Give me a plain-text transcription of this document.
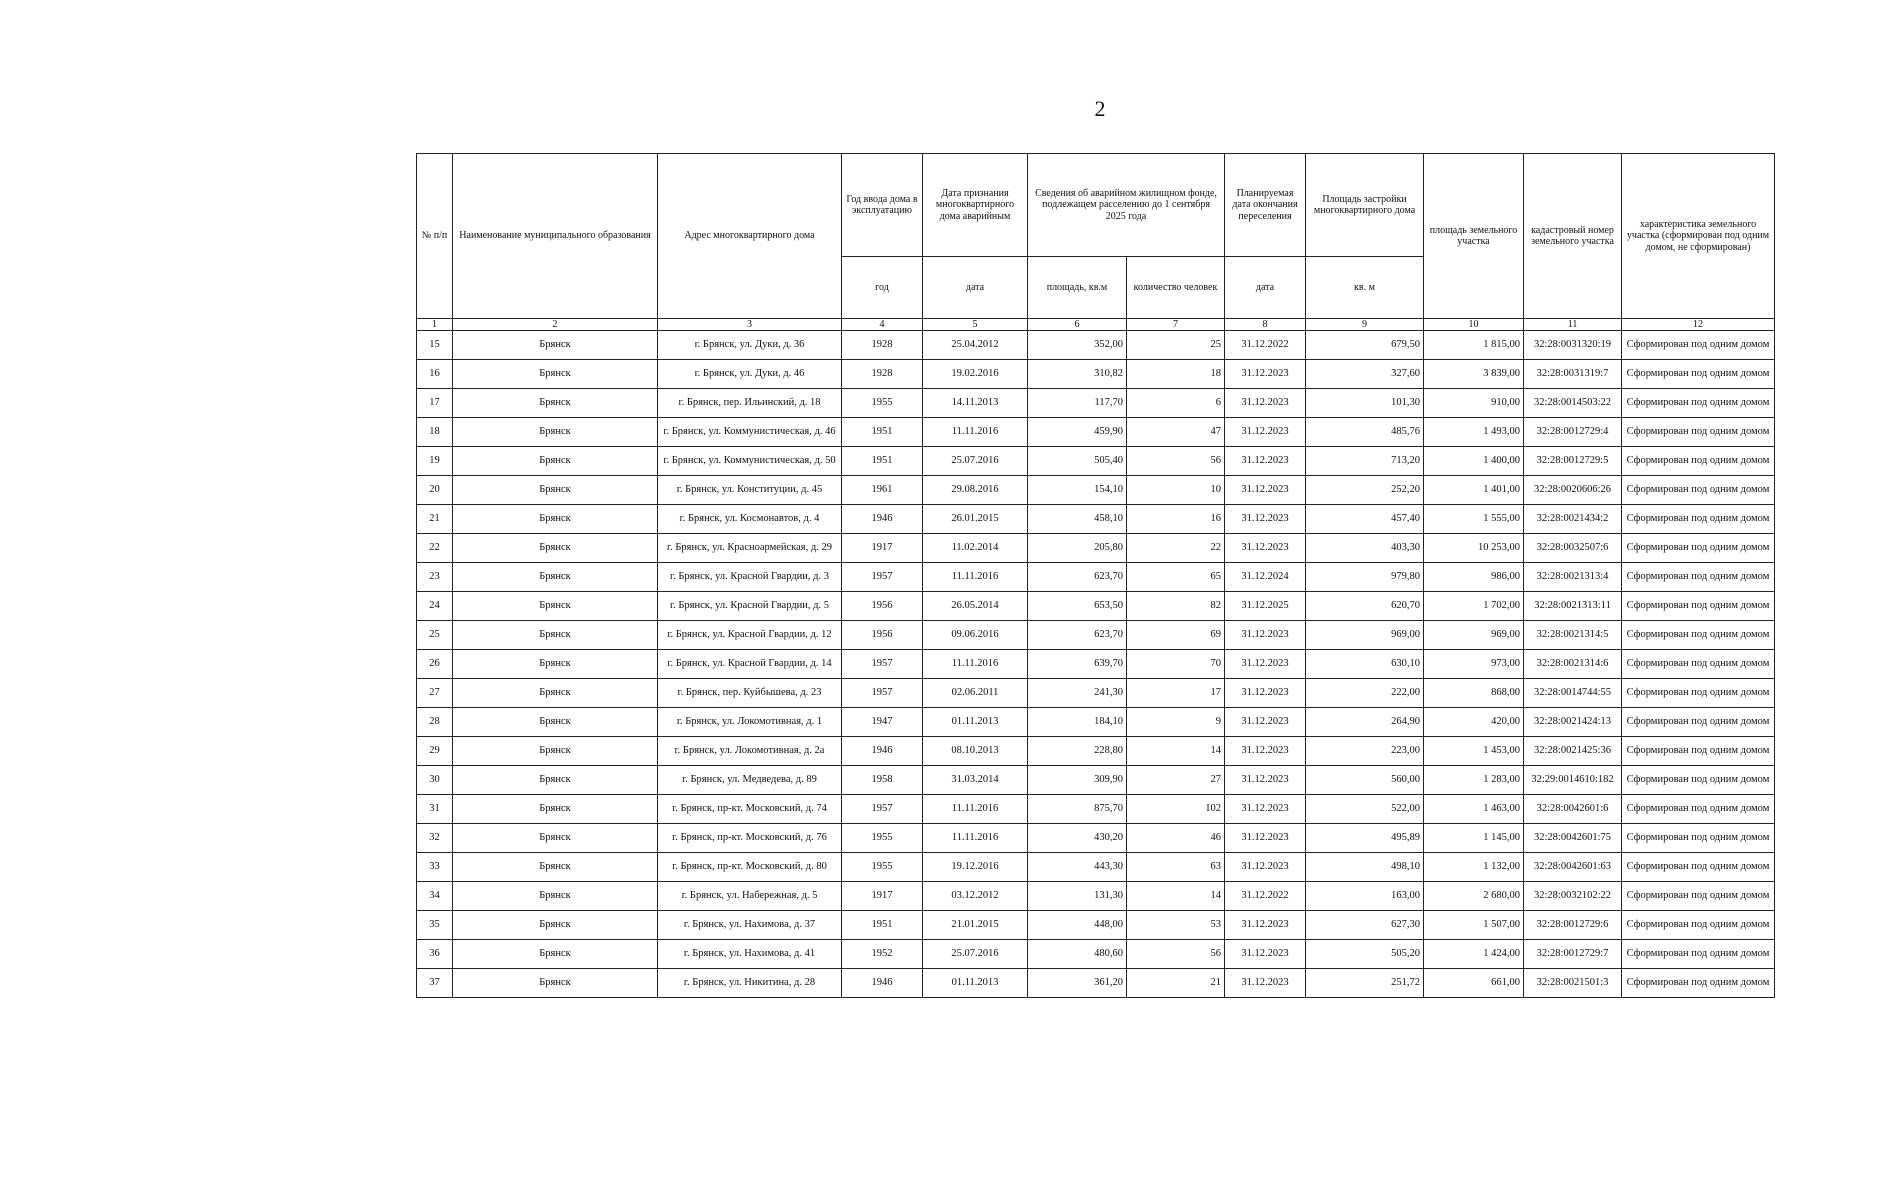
2
№ п/п	Наименование муниципального образования	Адрес многоквартирного дома	Год ввода дома в эксплуатацию	Дата признания многоквартирного дома аварийным	Сведения об аварийном жилищном фонде, подлежащем расселению до 1 сентября 2025 года		Планируемая дата окончания переселения	Площадь застройки многоквартирного дома	площадь земельного участка	кадастровый номер земельного участка	характеристика земельного участка (сформирован под одним домом, не сформирован)
			год	дата	площадь, кв.м	количество человек	дата	кв. м			
1	2	3	4	5	6	7	8	9	10	11	12
15	Брянск	г. Брянск, ул. Дуки, д. 36	1928	25.04.2012	352,00	25	31.12.2022	679,50	1 815,00	32:28:0031320:19	Сформирован под одним домом
16	Брянск	г. Брянск, ул. Дуки, д. 46	1928	19.02.2016	310,82	18	31.12.2023	327,60	3 839,00	32:28:0031319:7	Сформирован под одним домом
17	Брянск	г. Брянск, пер. Ильинский, д. 18	1955	14.11.2013	117,70	6	31.12.2023	101,30	910,00	32:28:0014503:22	Сформирован под одним домом
18	Брянск	г. Брянск, ул. Коммунистическая, д. 46	1951	11.11.2016	459,90	47	31.12.2023	485,76	1 493,00	32:28:0012729:4	Сформирован под одним домом
19	Брянск	г. Брянск, ул. Коммунистическая, д. 50	1951	25.07.2016	505,40	56	31.12.2023	713,20	1 400,00	32:28:0012729:5	Сформирован под одним домом
20	Брянск	г. Брянск, ул. Конституции, д. 45	1961	29.08.2016	154,10	10	31.12.2023	252,20	1 401,00	32:28:0020606:26	Сформирован под одним домом
21	Брянск	г. Брянск, ул. Космонавтов, д. 4	1946	26.01.2015	458,10	16	31.12.2023	457,40	1 555,00	32:28:0021434:2	Сформирован под одним домом
22	Брянск	г. Брянск, ул. Красноармейская, д. 29	1917	11.02.2014	205,80	22	31.12.2023	403,30	10 253,00	32:28:0032507:6	Сформирован под одним домом
23	Брянск	г. Брянск, ул. Красной Гвардии, д. 3	1957	11.11.2016	623,70	65	31.12.2024	979,80	986,00	32:28:0021313:4	Сформирован под одним домом
24	Брянск	г. Брянск, ул. Красной Гвардии, д. 5	1956	26.05.2014	653,50	82	31.12.2025	620,70	1 702,00	32:28:0021313:11	Сформирован под одним домом
25	Брянск	г. Брянск, ул. Красной Гвардии, д. 12	1956	09.06.2016	623,70	69	31.12.2023	969,00	969,00	32:28:0021314:5	Сформирован под одним домом
26	Брянск	г. Брянск, ул. Красной Гвардии, д. 14	1957	11.11.2016	639,70	70	31.12.2023	630,10	973,00	32:28:0021314:6	Сформирован под одним домом
27	Брянск	г. Брянск, пер. Куйбышева, д. 23	1957	02.06.2011	241,30	17	31.12.2023	222,00	868,00	32:28:0014744:55	Сформирован под одним домом
28	Брянск	г. Брянск, ул. Локомотивная, д. 1	1947	01.11.2013	184,10	9	31.12.2023	264,90	420,00	32:28:0021424:13	Сформирован под одним домом
29	Брянск	г. Брянск, ул. Локомотивная, д. 2а	1946	08.10.2013	228,80	14	31.12.2023	223,00	1 453,00	32:28:0021425:36	Сформирован под одним домом
30	Брянск	г. Брянск, ул. Медведева, д. 89	1958	31.03.2014	309,90	27	31.12.2023	560,00	1 283,00	32:29:0014610:182	Сформирован под одним домом
31	Брянск	г. Брянск, пр-кт. Московский, д. 74	1957	11.11.2016	875,70	102	31.12.2023	522,00	1 463,00	32:28:0042601:6	Сформирован под одним домом
32	Брянск	г. Брянск, пр-кт. Московский, д. 76	1955	11.11.2016	430,20	46	31.12.2023	495,89	1 145,00	32:28:0042601:75	Сформирован под одним домом
33	Брянск	г. Брянск, пр-кт. Московский, д. 80	1955	19.12.2016	443,30	63	31.12.2023	498,10	1 132,00	32:28:0042601:63	Сформирован под одним домом
34	Брянск	г. Брянск, ул. Набережная, д. 5	1917	03.12.2012	131,30	14	31.12.2022	163,00	2 680,00	32:28:0032102:22	Сформирован под одним домом
35	Брянск	г. Брянск, ул. Нахимова, д. 37	1951	21.01.2015	448,00	53	31.12.2023	627,30	1 507,00	32:28:0012729:6	Сформирован под одним домом
36	Брянск	г. Брянск, ул. Нахимова, д. 41	1952	25.07.2016	480,60	56	31.12.2023	505,20	1 424,00	32:28:0012729:7	Сформирован под одним домом
37	Брянск	г. Брянск, ул. Никитина, д. 28	1946	01.11.2013	361,20	21	31.12.2023	251,72	661,00	32:28:0021501:3	Сформирован под одним домом
